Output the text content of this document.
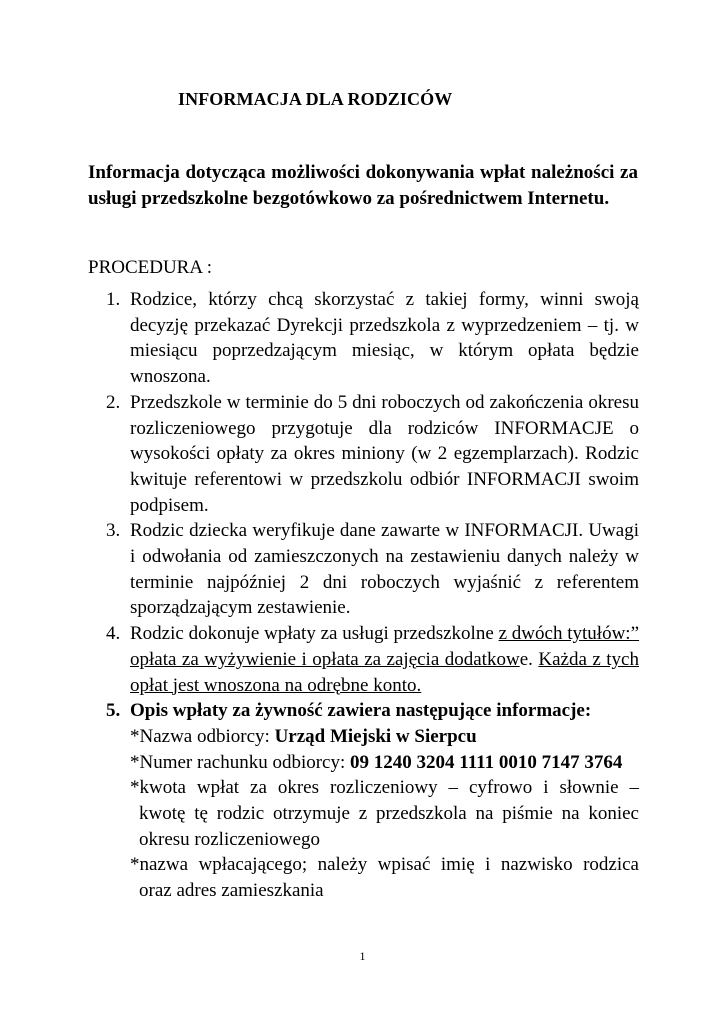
INFORMACJA DLA RODZICÓW
Informacja dotycząca możliwości dokonywania wpłat należności za usługi przedszkolne bezgotówkowo za pośrednictwem Internetu.
PROCEDURA :
1. Rodzice, którzy chcą skorzystać z takiej formy, winni swoją decyzję przekazać Dyrekcji przedszkola z wyprzedzeniem – tj. w miesiącu poprzedzającym miesiąc, w którym opłata będzie wnoszona.
2. Przedszkole w terminie do 5 dni roboczych od zakończenia okresu rozliczeniowego przygotuje dla rodziców INFORMACJE o wysokości opłaty za okres miniony (w 2 egzemplarzach). Rodzic kwituje referentowi w przedszkolu odbiór INFORMACJI swoim podpisem.
3. Rodzic dziecka weryfikuje dane zawarte w INFORMACJI. Uwagi i odwołania od zamieszczonych na zestawieniu danych należy w terminie najpóźniej 2 dni roboczych wyjaśnić z referentem sporządzającym zestawienie.
4. Rodzic dokonuje wpłaty za usługi przedszkolne z dwóch tytułów:” opłata za wyżywienie i opłata za zajęcia dodatkowe. Każda z tych opłat jest wnoszona na odrębne konto.
5. Opis wpłaty za żywność zawiera następujące informacje:
*Nazwa odbiorcy: Urząd Miejski w Sierpcu
*Numer rachunku odbiorcy: 09 1240 3204 1111 0010 7147 3764
*kwota wpłat za okres rozliczeniowy – cyfrowo i słownie –
kwotę tę rodzic otrzymuje z przedszkola na piśmie na koniec
okresu rozliczeniowego
*nazwa wpłacającego; należy wpisać imię i nazwisko rodzica
oraz adres zamieszkania
1
